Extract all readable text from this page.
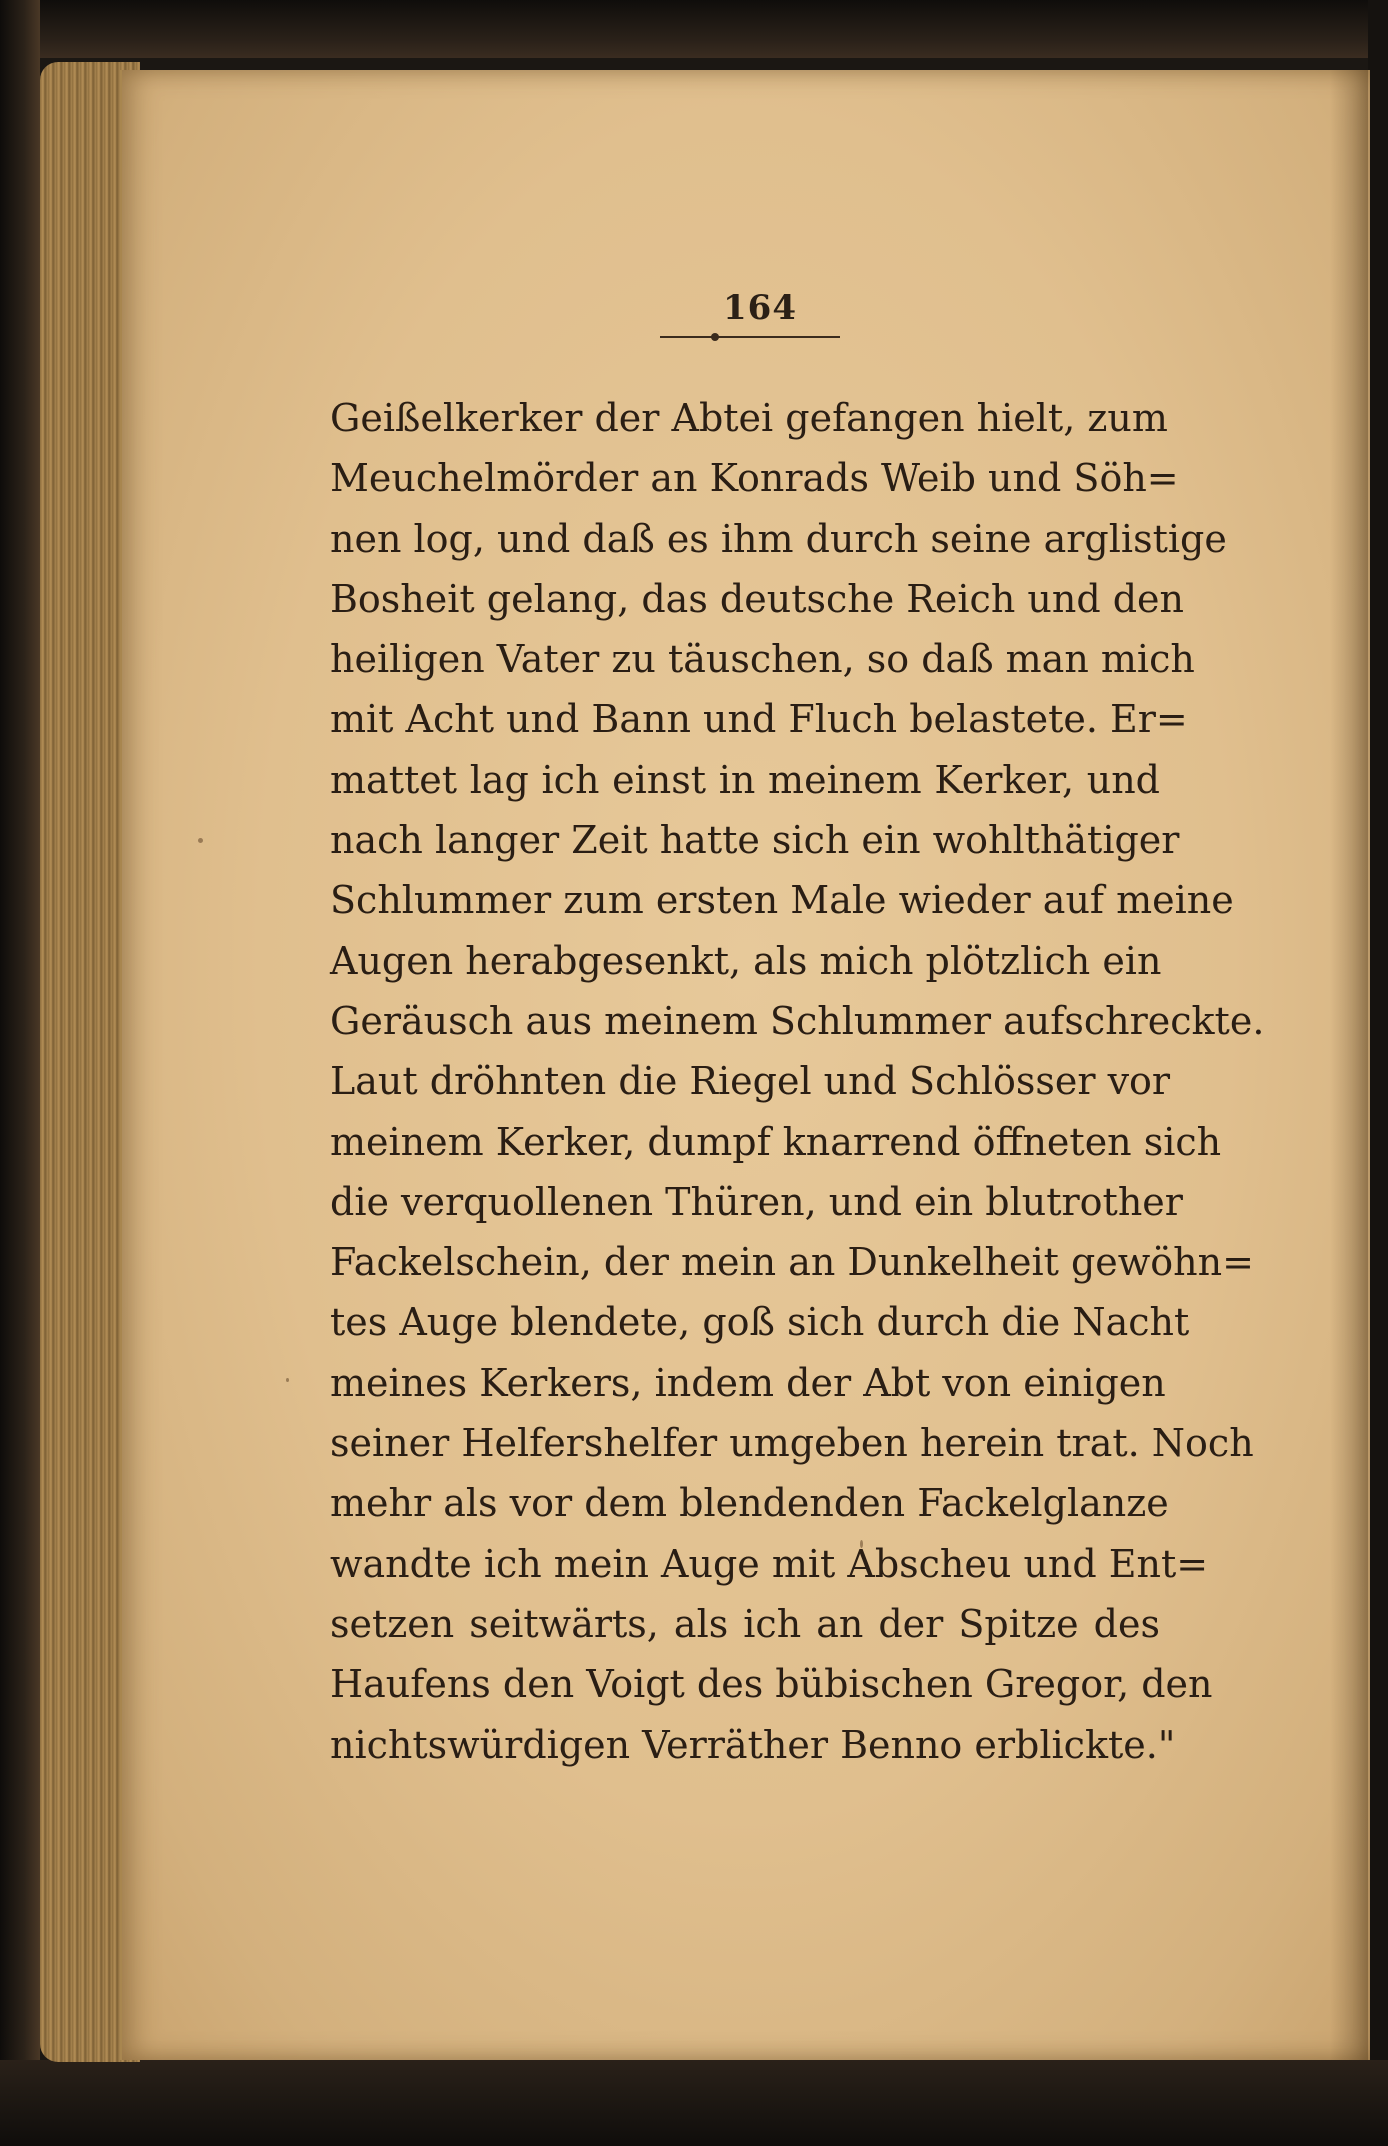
164
Geißelkerker der Abtei gefangen hielt, zum
Meuchelmörder an Konrads Weib und Söh=
nen log, und daß es ihm durch seine arglistige
Bosheit gelang, das deutsche Reich und den
heiligen Vater zu täuschen, so daß man mich
mit Acht und Bann und Fluch belastete. Er=
mattet lag ich einst in meinem Kerker, und
nach langer Zeit hatte sich ein wohlthätiger
Schlummer zum ersten Male wieder auf meine
Augen herabgesenkt, als mich plötzlich ein
Geräusch aus meinem Schlummer aufschreckte.
Laut dröhnten die Riegel und Schlösser vor
meinem Kerker, dumpf knarrend öffneten sich
die verquollenen Thüren, und ein blutrother
Fackelschein, der mein an Dunkelheit gewöhn=
tes Auge blendete, goß sich durch die Nacht
meines Kerkers, indem der Abt von einigen
seiner Helfershelfer umgeben herein trat. Noch
mehr als vor dem blendenden Fackelglanze
wandte ich mein Auge mit Abscheu und Ent=
setzen seitwärts, als ich an der Spitze des
Haufens den Voigt des bübischen Gregor, den
nichtswürdigen Verräther Benno erblickte."
